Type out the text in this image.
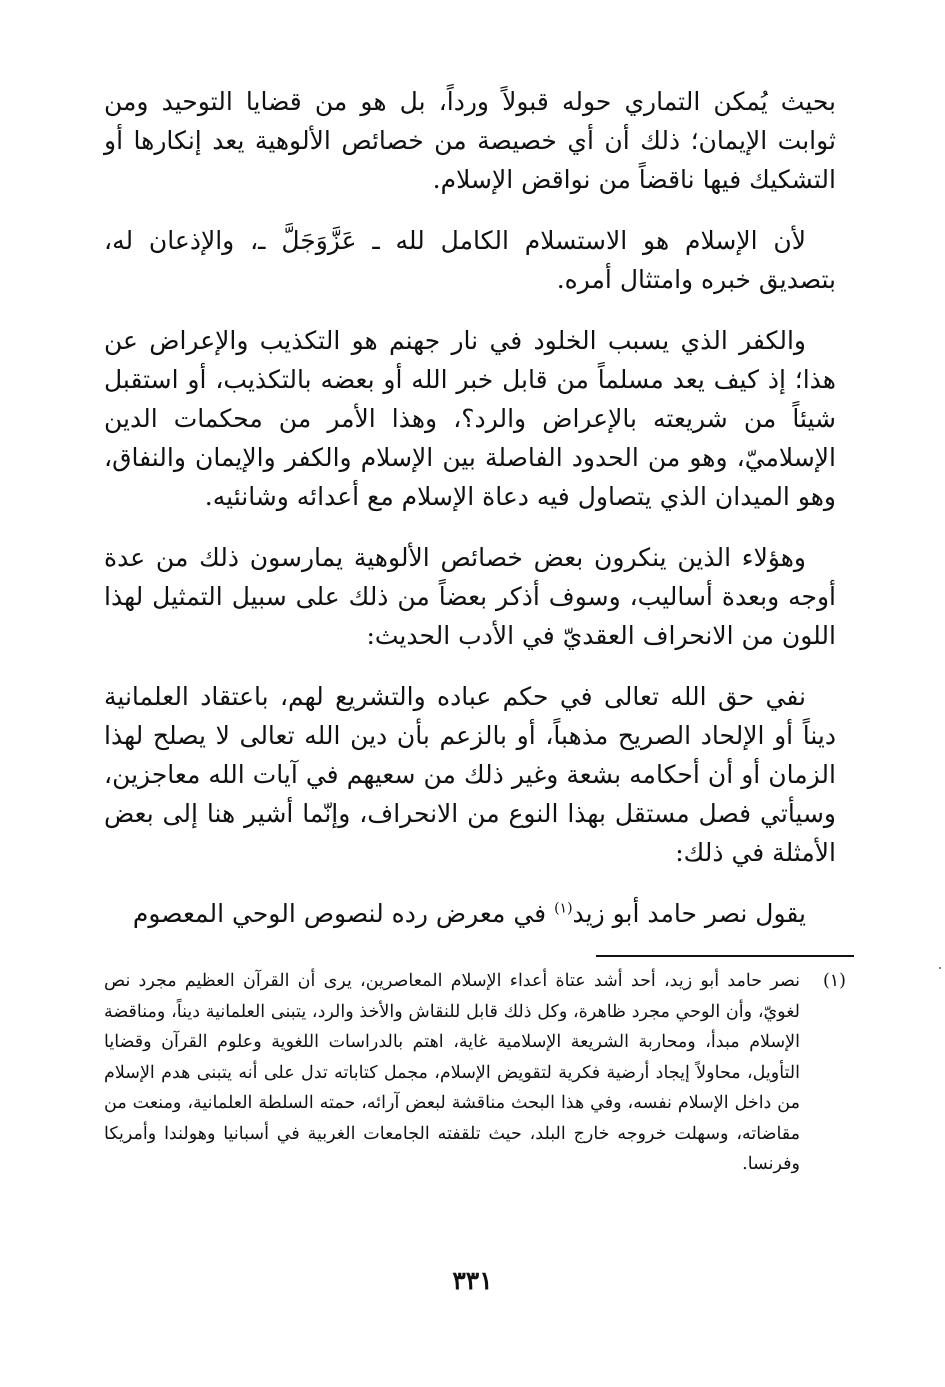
بحيث يُمكن التماري حوله قبولاً ورداً، بل هو من قضايا التوحيد ومن ثوابت الإيمان؛ ذلك أن أي خصيصة من خصائص الألوهية يعد إنكارها أو التشكيك فيها ناقضاً من نواقض الإسلام.

لأن الإسلام هو الاستسلام الكامل لله ـ عَزَّوَجَلَّ ـ، والإذعان له، بتصديق خبره وامتثال أمره.

والكفر الذي يسبب الخلود في نار جهنم هو التكذيب والإعراض عن هذا؛ إذ كيف يعد مسلماً من قابل خبر الله أو بعضه بالتكذيب، أو استقبل شيئاً من شريعته بالإعراض والرد؟، وهذا الأمر من محكمات الدين الإسلاميّ، وهو من الحدود الفاصلة بين الإسلام والكفر والإيمان والنفاق، وهو الميدان الذي يتصاول فيه دعاة الإسلام مع أعدائه وشانئيه.

وهؤلاء الذين ينكرون بعض خصائص الألوهية يمارسون ذلك من عدة أوجه وبعدة أساليب، وسوف أذكر بعضاً من ذلك على سبيل التمثيل لهذا اللون من الانحراف العقديّ في الأدب الحديث:

نفي حق الله تعالى في حكم عباده والتشريع لهم، باعتقاد العلمانية ديناً أو الإلحاد الصريح مذهباً، أو بالزعم بأن دين الله تعالى لا يصلح لهذا الزمان أو أن أحكامه بشعة وغير ذلك من سعيهم في آيات الله معاجزين، وسيأتي فصل مستقل بهذا النوع من الانحراف، وإنّما أشير هنا إلى بعض الأمثلة في ذلك:

يقول نصر حامد أبو زيد$^{(١)}$ في معرض رده لنصوص الوحي المعصوم

(١)
نصر حامد أبو زيد، أحد أشد عتاة أعداء الإسلام المعاصرين، يرى أن القرآن العظيم مجرد نص لغويّ، وأن الوحي مجرد ظاهرة، وكل ذلك قابل للنقاش والأخذ والرد، يتبنى العلمانية ديناً، ومناقضة الإسلام مبدأ، ومحاربة الشريعة الإسلامية غاية، اهتم بالدراسات اللغوية وعلوم القرآن وقضايا التأويل، محاولاً إيجاد أرضية فكرية لتقويض الإسلام، مجمل كتاباته تدل على أنه يتبنى هدم الإسلام من داخل الإسلام نفسه، وفي هذا البحث مناقشة لبعض آرائه، حمته السلطة العلمانية، ومنعت من مقاضاته، وسهلت خروجه خارج البلد، حيث تلقفته الجامعات الغربية في أسبانيا وهولندا وأمريكا وفرنسا.
٣٣١
